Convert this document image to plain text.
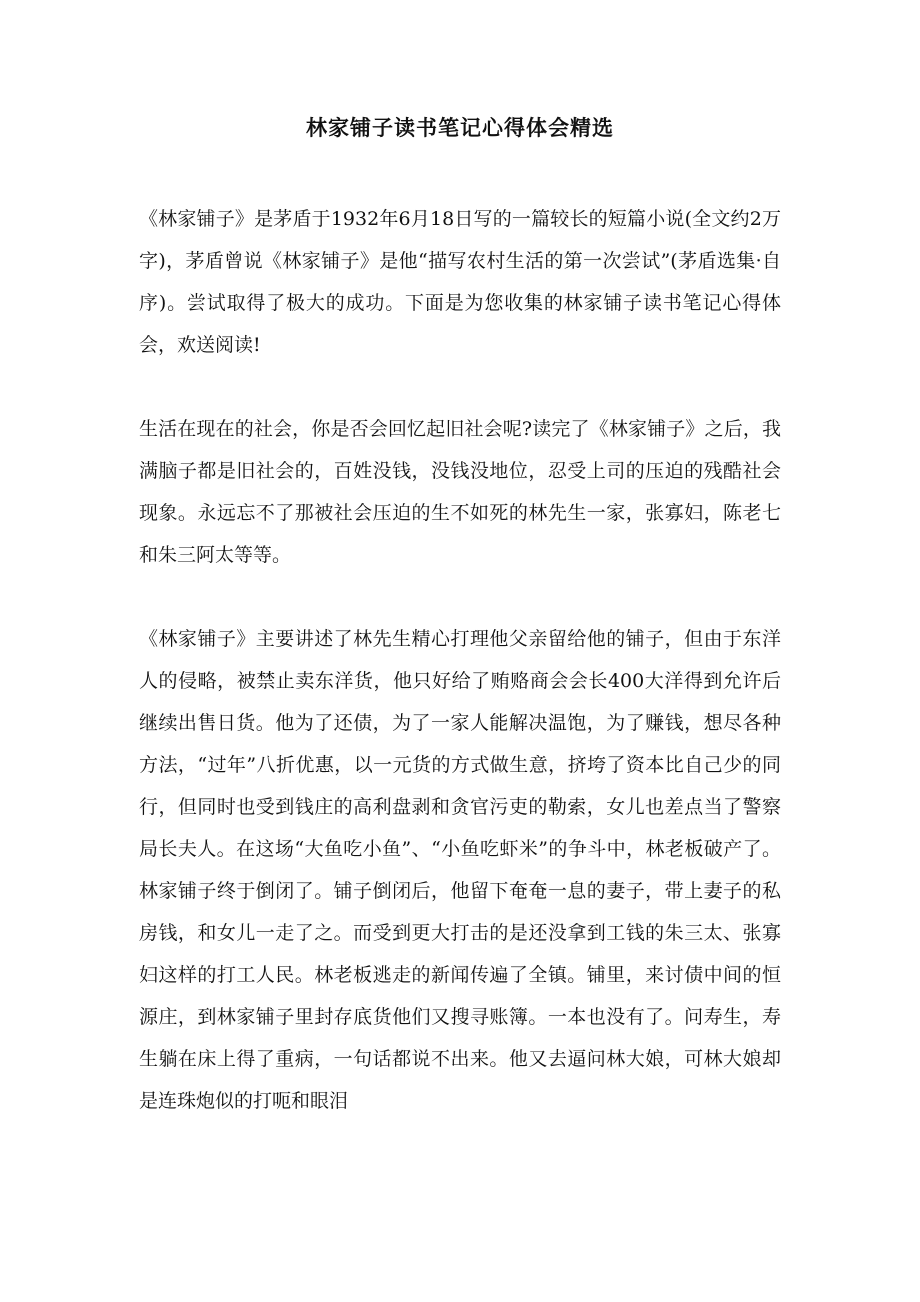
林家铺子读书笔记心得体会精选

《林家铺子》是茅盾于1932年6月18日写的一篇较长的短篇小说(全文约2万字)，茅盾曾说《林家铺子》是他“描写农村生活的第一次尝试”(茅盾选集·自序)。尝试取得了极大的成功。下面是为您收集的林家铺子读书笔记心得体会，欢送阅读!

生活在现在的社会，你是否会回忆起旧社会呢?读完了《林家铺子》之后，我满脑子都是旧社会的，百姓没钱，没钱没地位，忍受上司的压迫的残酷社会现象。永远忘不了那被社会压迫的生不如死的林先生一家，张寡妇，陈老七和朱三阿太等等。

《林家铺子》主要讲述了林先生精心打理他父亲留给他的铺子，但由于东洋人的侵略，被禁止卖东洋货，他只好给了贿赂商会会长400大洋得到允许后继续出售日货。他为了还债，为了一家人能解决温饱，为了赚钱，想尽各种方法，“过年”八折优惠，以一元货的方式做生意，挤垮了资本比自己少的同行，但同时也受到钱庄的高利盘剥和贪官污吏的勒索，女儿也差点当了警察局长夫人。在这场“大鱼吃小鱼”、“小鱼吃虾米”的争斗中，林老板破产了。林家铺子终于倒闭了。铺子倒闭后，他留下奄奄一息的妻子，带上妻子的私房钱，和女儿一走了之。而受到更大打击的是还没拿到工钱的朱三太、张寡妇这样的打工人民。林老板逃走的新闻传遍了全镇。铺里，来讨债中间的恒源庄，到林家铺子里封存底货他们又搜寻账簿。一本也没有了。问寿生，寿生躺在床上得了重病，一句话都说不出来。他又去逼问林大娘，可林大娘却是连珠炮似的打呃和眼泪
